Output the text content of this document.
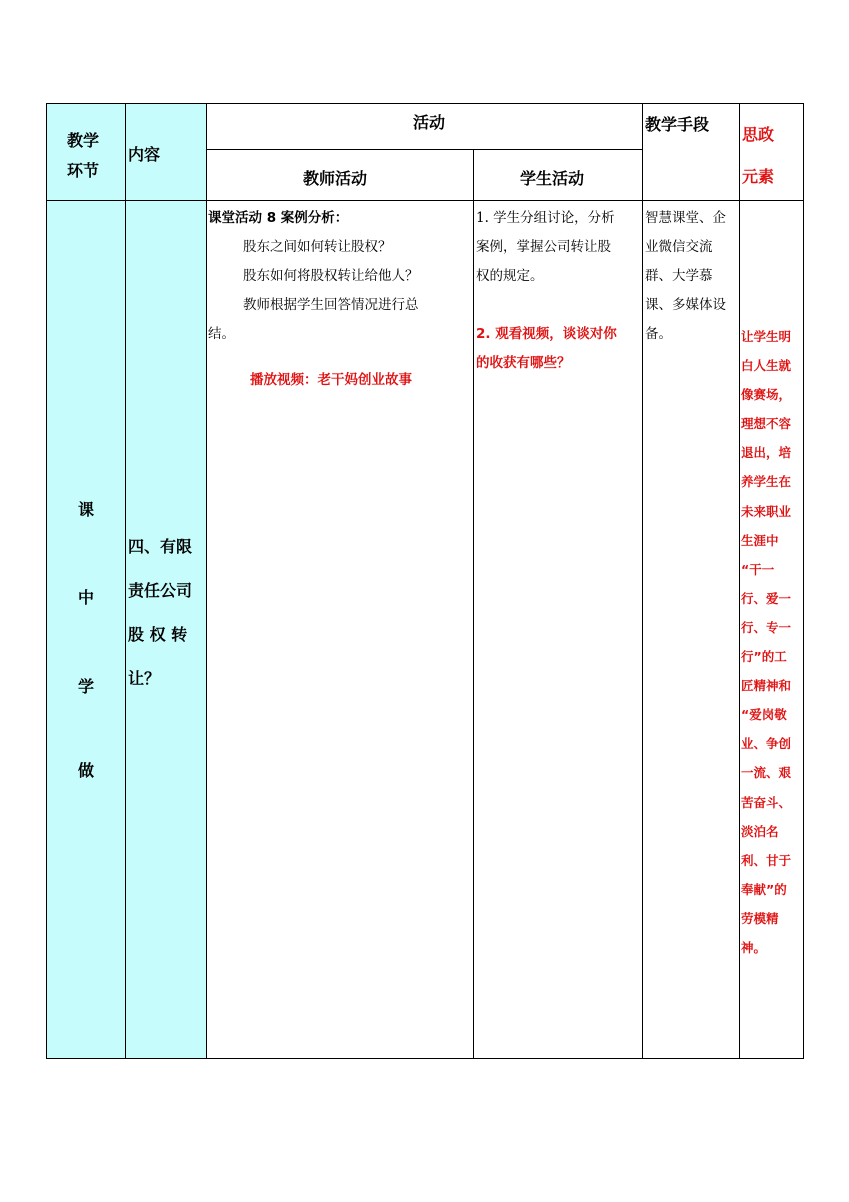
教学
环节
内容
活动
教师活动	学生活动
教学手段
思政
元素
课
中
学
做
四、有限
责任公司
股 权 转
让？

课堂活动 8 案例分析：

股东之间如何转让股权？

股东如何将股权转让给他人？

教师根据学生回答情况进行总

结。

播放视频：老干妈创业故事

1. 学生分组讨论，分析

案例，掌握公司转让股

权的规定。

2. 观看视频，谈谈对你

的收获有哪些？

智慧课堂、企

业微信交流

群、大学慕

课、多媒体设

备。	让学生明
白人生就
像赛场，
理想不容
退出，培
养学生在
未来职业
生涯中
“干一
行、爱一
行、专一
行”的工
匠精神和
“爱岗敬
业、争创
一流、艰
苦奋斗、
淡泊名
利、甘于
奉献”的
劳模精
神。
